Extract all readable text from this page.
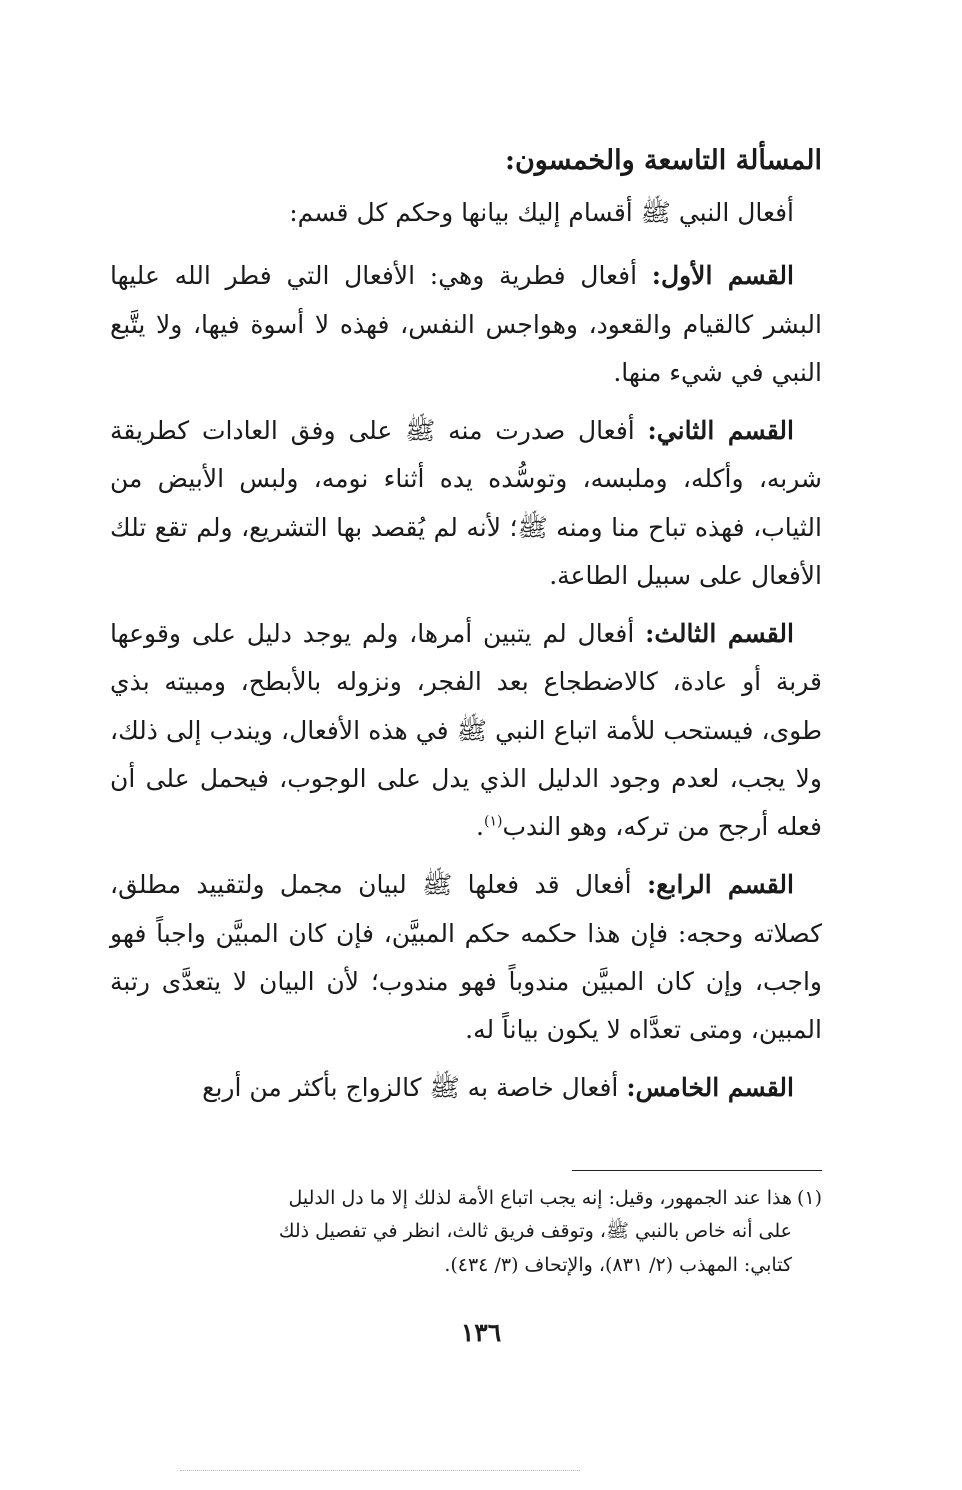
المسألة التاسعة والخمسون:
أفعال النبي ﷺ أقسام إليك بيانها وحكم كل قسم:

القسم الأول: أفعال فطرية وهي: الأفعال التي فطر الله عليها البشر كالقيام والقعود، وهواجس النفس، فهذه لا أسوة فيها، ولا يتَّبع النبي في شيء منها.

القسم الثاني: أفعال صدرت منه ﷺ على وفق العادات كطريقة شربه، وأكله، وملبسه، وتوسُّده يده أثناء نومه، ولبس الأبيض من الثياب، فهذه تباح منا ومنه ﷺ؛ لأنه لم يُقصد بها التشريع، ولم تقع تلك الأفعال على سبيل الطاعة.

القسم الثالث: أفعال لم يتبين أمرها، ولم يوجد دليل على وقوعها قربة أو عادة، كالاضطجاع بعد الفجر، ونزوله بالأبطح، ومبيته بذي طوى، فيستحب للأمة اتباع النبي ﷺ في هذه الأفعال، ويندب إلى ذلك، ولا يجب، لعدم وجود الدليل الذي يدل على الوجوب، فيحمل على أن فعله أرجح من تركه، وهو الندب$^{(١)}$.

القسم الرابع: أفعال قد فعلها ﷺ لبيان مجمل ولتقييد مطلق، كصلاته وحجه: فإن هذا حكمه حكم المبيَّن، فإن كان المبيَّن واجباً فهو واجب، وإن كان المبيَّن مندوباً فهو مندوب؛ لأن البيان لا يتعدَّى رتبة المبين، ومتى تعدَّاه لا يكون بياناً له.

القسم الخامس: أفعال خاصة به ﷺ كالزواج بأكثر من أربع

(١)هذا عند الجمهور، وقيل: إنه يجب اتباع الأمة لذلك إلا ما دل الدليل
على أنه خاص بالنبي ﷺ، وتوقف فريق ثالث، انظر في تفصيل ذلك
كتابي: المهذب (٢/ ٨٣١)، والإتحاف (٣/ ٤٣٤).
١٣٦
